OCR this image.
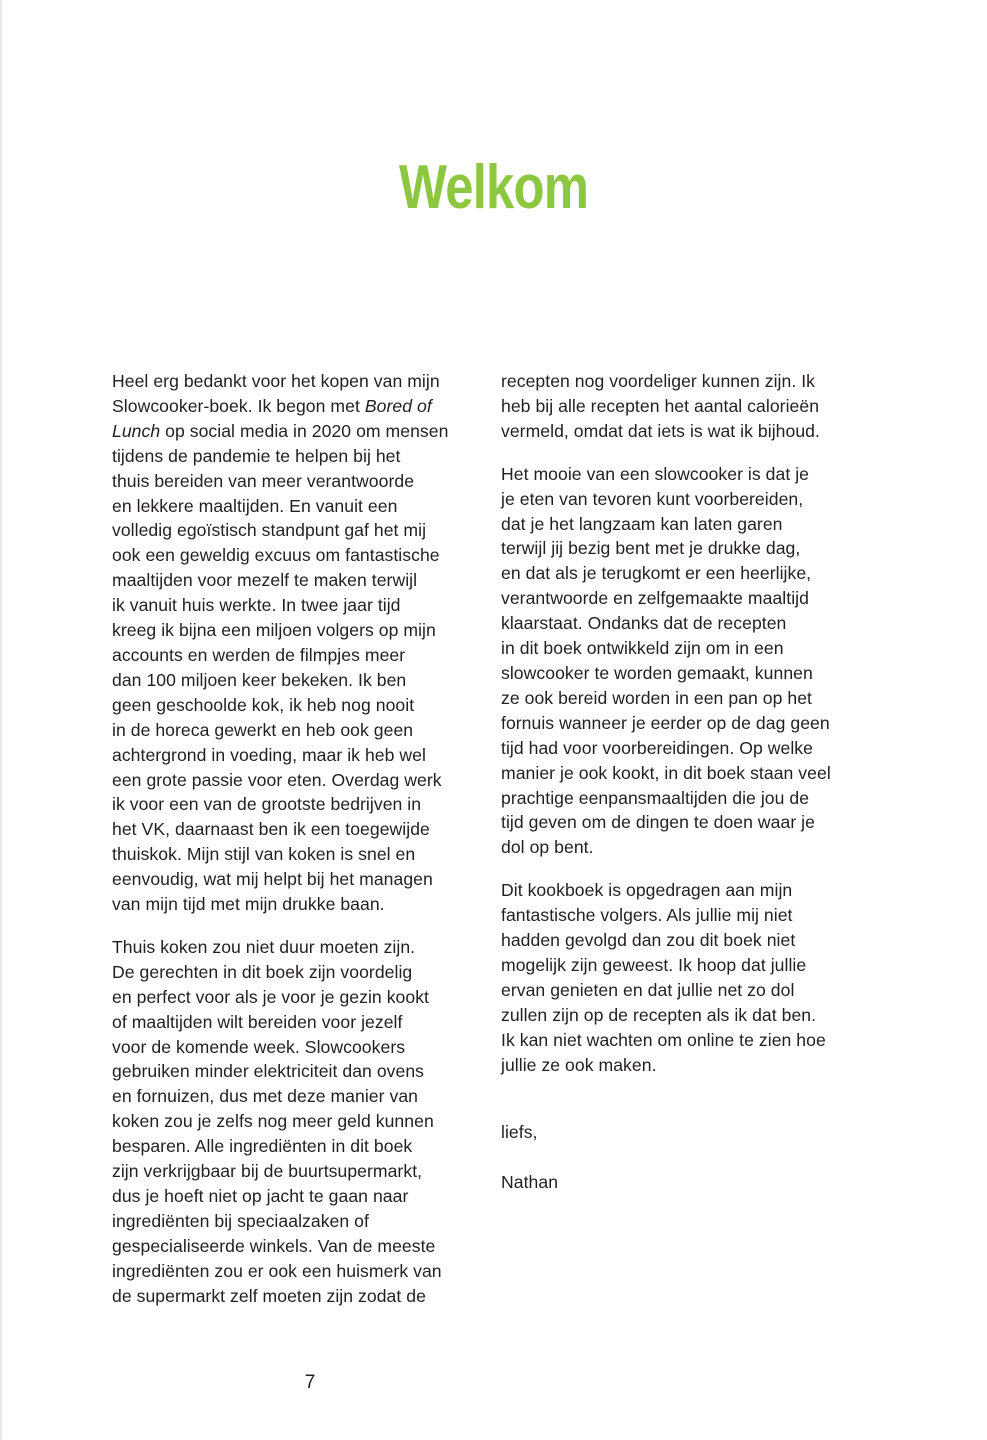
Welkom

Heel erg bedankt voor het kopen van mijn
Slowcooker-boek. Ik begon met Bored of
Lunch op social media in 2020 om mensen
tijdens de pandemie te helpen bij het
thuis bereiden van meer verantwoorde
en lekkere maaltijden. En vanuit een
volledig egoïstisch standpunt gaf het mij
ook een geweldig excuus om fantastische
maaltijden voor mezelf te maken terwijl
ik vanuit huis werkte. In twee jaar tijd
kreeg ik bijna een miljoen volgers op mijn
accounts en werden de filmpjes meer
dan 100 miljoen keer bekeken. Ik ben
geen geschoolde kok, ik heb nog nooit
in de horeca gewerkt en heb ook geen
achtergrond in voeding, maar ik heb wel
een grote passie voor eten. Overdag werk
ik voor een van de grootste bedrijven in
het VK, daarnaast ben ik een toegewijde
thuiskok. Mijn stijl van koken is snel en
eenvoudig, wat mij helpt bij het managen
van mijn tijd met mijn drukke baan.

Thuis koken zou niet duur moeten zijn.
De gerechten in dit boek zijn voordelig
en perfect voor als je voor je gezin kookt
of maaltijden wilt bereiden voor jezelf
voor de komende week. Slowcookers
gebruiken minder elektriciteit dan ovens
en fornuizen, dus met deze manier van
koken zou je zelfs nog meer geld kunnen
besparen. Alle ingrediënten in dit boek
zijn verkrijgbaar bij de buurtsupermarkt,
dus je hoeft niet op jacht te gaan naar
ingrediënten bij speciaalzaken of
gespecialiseerde winkels. Van de meeste
ingrediënten zou er ook een huismerk van
de supermarkt zelf moeten zijn zodat de

recepten nog voordeliger kunnen zijn. Ik
heb bij alle recepten het aantal calorieën
vermeld, omdat dat iets is wat ik bijhoud.

Het mooie van een slowcooker is dat je
je eten van tevoren kunt voorbereiden,
dat je het langzaam kan laten garen
terwijl jij bezig bent met je drukke dag,
en dat als je terugkomt er een heerlijke,
verantwoorde en zelfgemaakte maaltijd
klaarstaat. Ondanks dat de recepten
in dit boek ontwikkeld zijn om in een
slowcooker te worden gemaakt, kunnen
ze ook bereid worden in een pan op het
fornuis wanneer je eerder op de dag geen
tijd had voor voorbereidingen. Op welke
manier je ook kookt, in dit boek staan veel
prachtige eenpansmaaltijden die jou de
tijd geven om de dingen te doen waar je
dol op bent.

Dit kookboek is opgedragen aan mijn
fantastische volgers. Als jullie mij niet
hadden gevolgd dan zou dit boek niet
mogelijk zijn geweest. Ik hoop dat jullie
ervan genieten en dat jullie net zo dol
zullen zijn op de recepten als ik dat ben.
Ik kan niet wachten om online te zien hoe
jullie ze ook maken.

liefs,

Nathan

7
